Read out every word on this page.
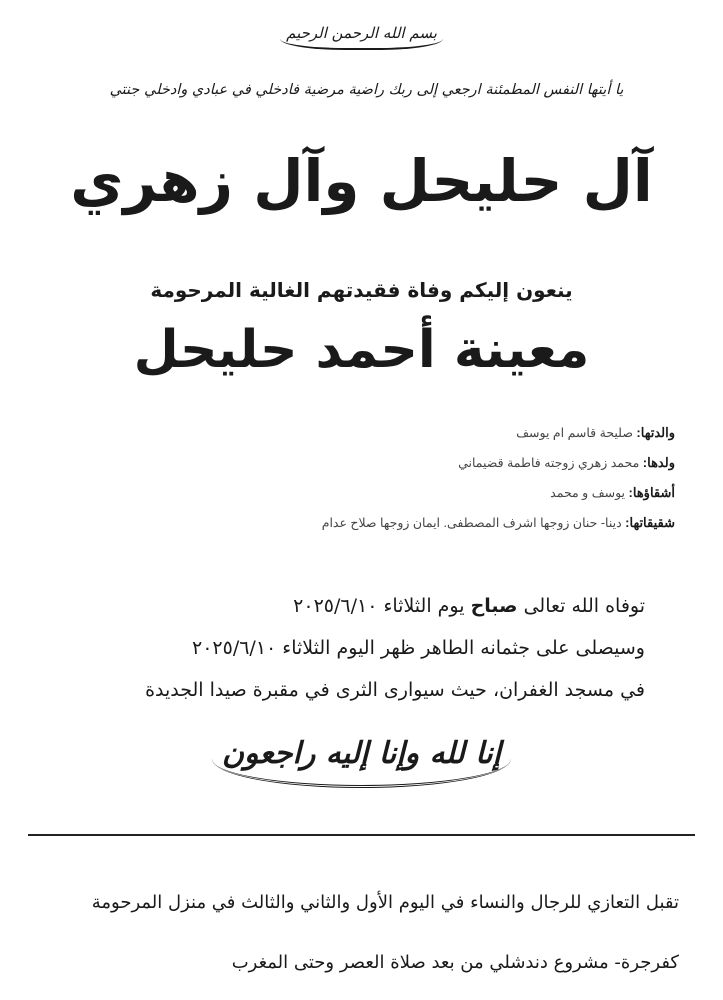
بسم الله الرحمن الرحيم
يا أيتها النفس المطمئنة ارجعي إلى ربك راضية مرضية فادخلي في عبادي وادخلي جنتي
آل حليحل وآل زهري
ينعون إليكم وفاة فقيدتهم الغالية المرحومة
معينة أحمد حليحل
والدتها: صليحة قاسم ام يوسف
ولدها: محمد زهري زوجته فاطمة قضيماني
أشقاؤها: يوسف و محمد
شقيقاتها: دينا- حنان زوجها اشرف المصطفى. ايمان زوجها صلاح عدام
توفاه الله تعالى صباح يوم الثلاثاء ٢٠٢٥/٦/١٠
وسيصلى على جثمانه الطاهر ظهر اليوم الثلاثاء ٢٠٢٥/٦/١٠
في مسجد الغفران، حيث سيوارى الثرى في مقبرة صيدا الجديدة
إنا لله وإنا إليه راجعون
تقبل التعازي للرجال والنساء في اليوم الأول والثاني والثالث في منزل المرحومة
كفرجرة- مشروع دندشلي من بعد صلاة العصر وحتى المغرب
